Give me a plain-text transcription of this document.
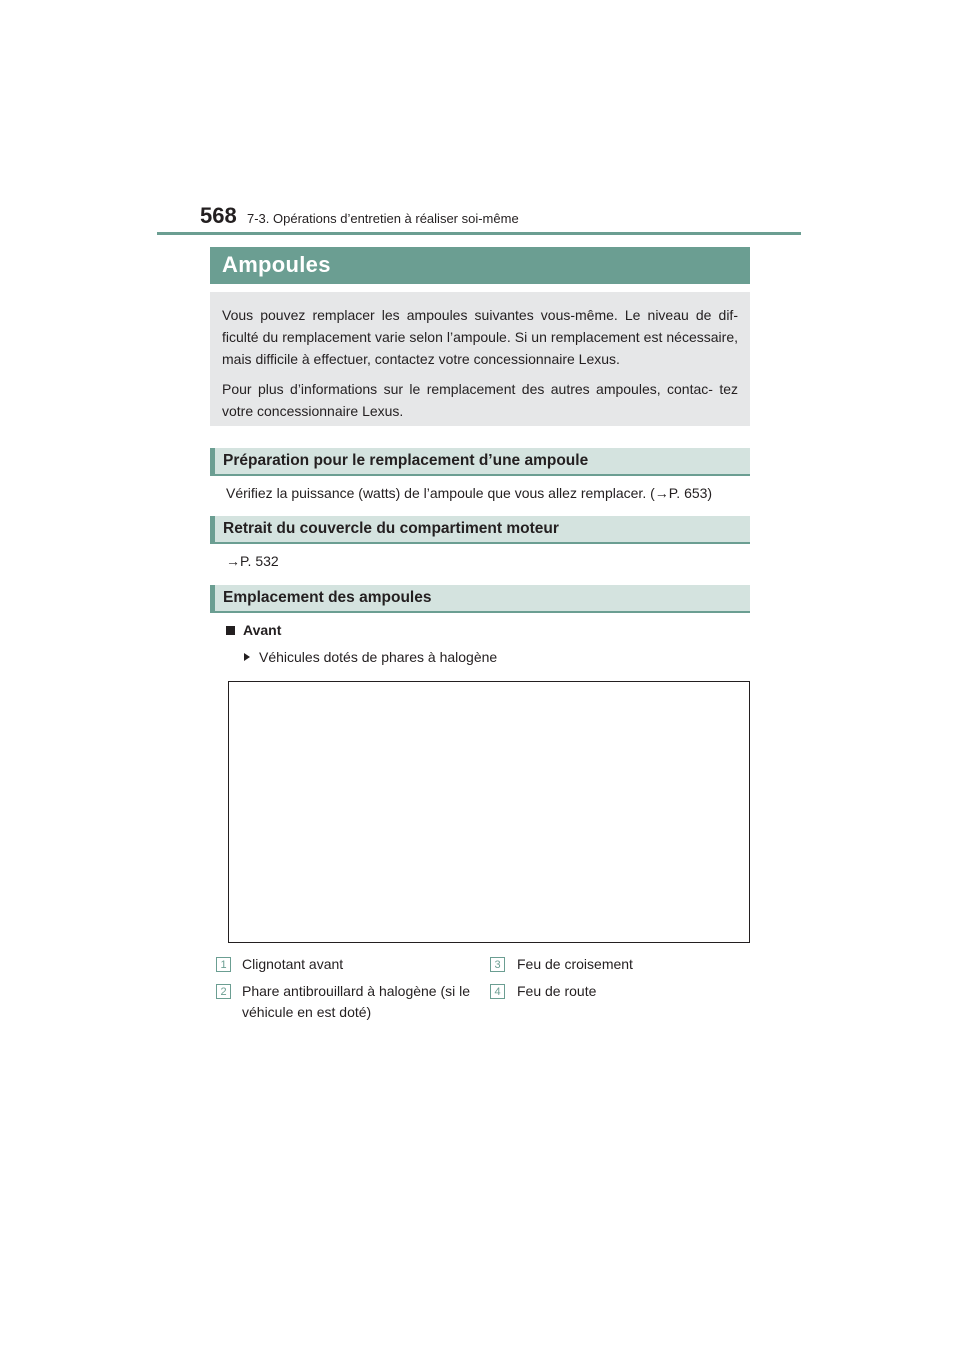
568 7-3. Opérations d’entretien à réaliser soi-même
Ampoules

Vous pouvez remplacer les ampoules suivantes vous-même. Le niveau de dif- ficulté du remplacement varie selon l’ampoule. Si un remplacement est nécessaire, mais difficile à effectuer, contactez votre concessionnaire Lexus.

Pour plus d’informations sur le remplacement des autres ampoules, contac- tez votre concessionnaire Lexus.

Préparation pour le remplacement d’une ampoule
Vérifiez la puissance (watts) de l’ampoule que vous allez remplacer. (→P. 653)
Retrait du couvercle du compartiment moteur
→P. 532
Emplacement des ampoules
Avant
Véhicules dotés de phares à halogène
1	Clignotant avant
2	Phare antibrouillard à halogène (si le véhicule en est doté)
3	Feu de croisement
4	Feu de route
